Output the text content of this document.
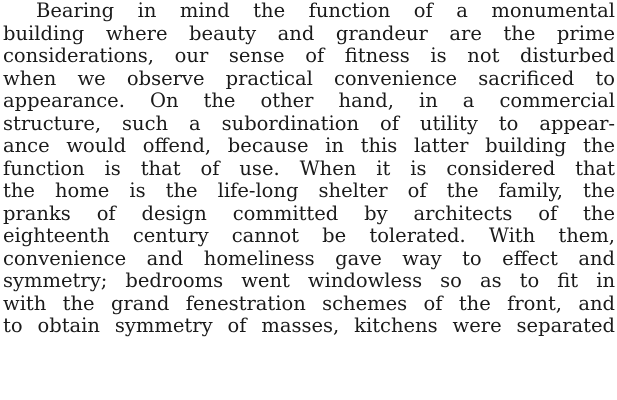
Bearing in mind the function of a monumental
building where beauty and grandeur are the prime
considerations, our sense of fitness is not disturbed
when we observe practical convenience sacrificed to
appearance. On the other hand, in a commercial
structure, such a subordination of utility to appear-
ance would offend, because in this latter building the
function is that of use. When it is considered that
the home is the life-long shelter of the family, the
pranks of design committed by architects of the
eighteenth century cannot be tolerated. With them,
convenience and homeliness gave way to effect and
symmetry; bedrooms went windowless so as to fit in
with the grand fenestration schemes of the front, and
to obtain symmetry of masses, kitchens were separated
